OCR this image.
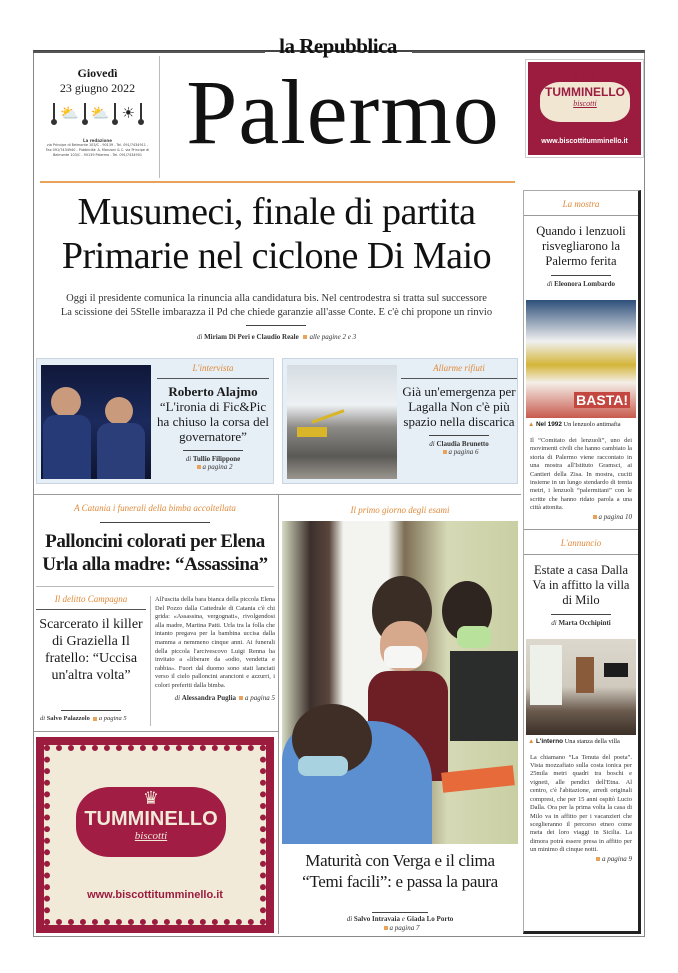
la Repubblica
Palermo
Giovedì
23 giugno 2022
⛅ ⛅ ☀
La redazione
via Principe di Belmonte 103/C - 90139 - Tel. 091/7434911 - Fax 091/7434940 - Pubblicità: A. Manzoni & C. via Principe di Belmonte 103/C - 90139 Palermo - Tel. 091/7434901
♛♛♛
TUMMINELLO
biscotti
www.biscottitumminello.it
Musumeci, finale di partita
Primarie nel ciclone Di Maio
Oggi il presidente comunica la rinuncia alla candidatura bis. Nel centrodestra si tratta sul successore
La scissione dei 5Stelle imbarazza il Pd che chiede garanzie all'asse Conte. E c'è chi propone un rinvio
di Miriam Di Peri e Claudio Reale alle pagine 2 e 3
L'intervista
Roberto Alajmo
“L'ironia di Fic&Pic ha chiuso la corsa del governatore”
di Tullio Filippone
a pagina 2
Allarme rifiuti
Già un'emergenza per Lagalla Non c'è più spazio nella discarica
di Claudia Brunetto
a pagina 6
A Catania i funerali della bimba accoltellata
Palloncini colorati per Elena
Urla alla madre: “Assassina”
Il delitto Campagna
Scarcerato il killer di Graziella Il fratello: “Uccisa un'altra volta”
di Salvo Palazzolo a pagina 5
All'uscita della bara bianca della piccola Elena Del Pozzo dalla Cattedrale di Catania c'è chi grida: «Assassina, vergognati», rivolgendosi alla madre, Martina Patti. Urla tra la folla che intanto pregava per la bambina uccisa dalla mamma a nemmeno cinque anni. Ai funerali della piccola l'arcivescovo Luigi Renna ha invitato a «liberare da «odio, vendetta e rabbia». Fuori dal duomo sono stati lanciati verso il cielo palloncini arancioni e azzurri, i colori preferiti dalla bimba.
di Alessandra Puglia a pagina 5
♛
TUMMINELLO
biscotti
www.biscottitumminello.it
Il primo giorno degli esami
Maturità con Verga e il clima
“Temi facili”: e passa la paura
di Salvo Intravaia e Giada Lo Porto
a pagina 7
La mostra
Quando i lenzuoli risvegliarono la Palermo ferita
di Eleonora Lombardo
BASTA!
▲ Nel 1992 Un lenzuolo antimafia
Il “Comitato dei lenzuoli”, uno dei movimenti civili che hanno cambiato la storia di Palermo viene raccontato in una mostra all'Istituto Gramsci, ai Cantieri della Zisa. In mostra, cuciti insieme in un lungo stendardo di trenta metri, i lenzuoli “palermitani” con le scritte che hanno ridato parola a una città attonita.
a pagina 10
L'annuncio
Estate a casa Dalla Va in affitto la villa di Milo
di Marta Occhipinti
▲ L'interno Una stanza della villa
La chiamano “La Tenuta del poeta”. Vista mozzafiato sulla costa ionica per 25mila metri quadri tra boschi e vigneti, alle pendici dell'Etna. Al centro, c'è l'abitazione, arredi originali compresi, che per 15 anni ospitò Lucio Dalla. Ora per la prima volta la casa di Milo va in affitto per i vacanzieri che sceglieranno il percorso etneo come meta dei loro viaggi in Sicilia. La dimora potrà essere presa in affitto per un minimo di cinque notti.
a pagina 9
